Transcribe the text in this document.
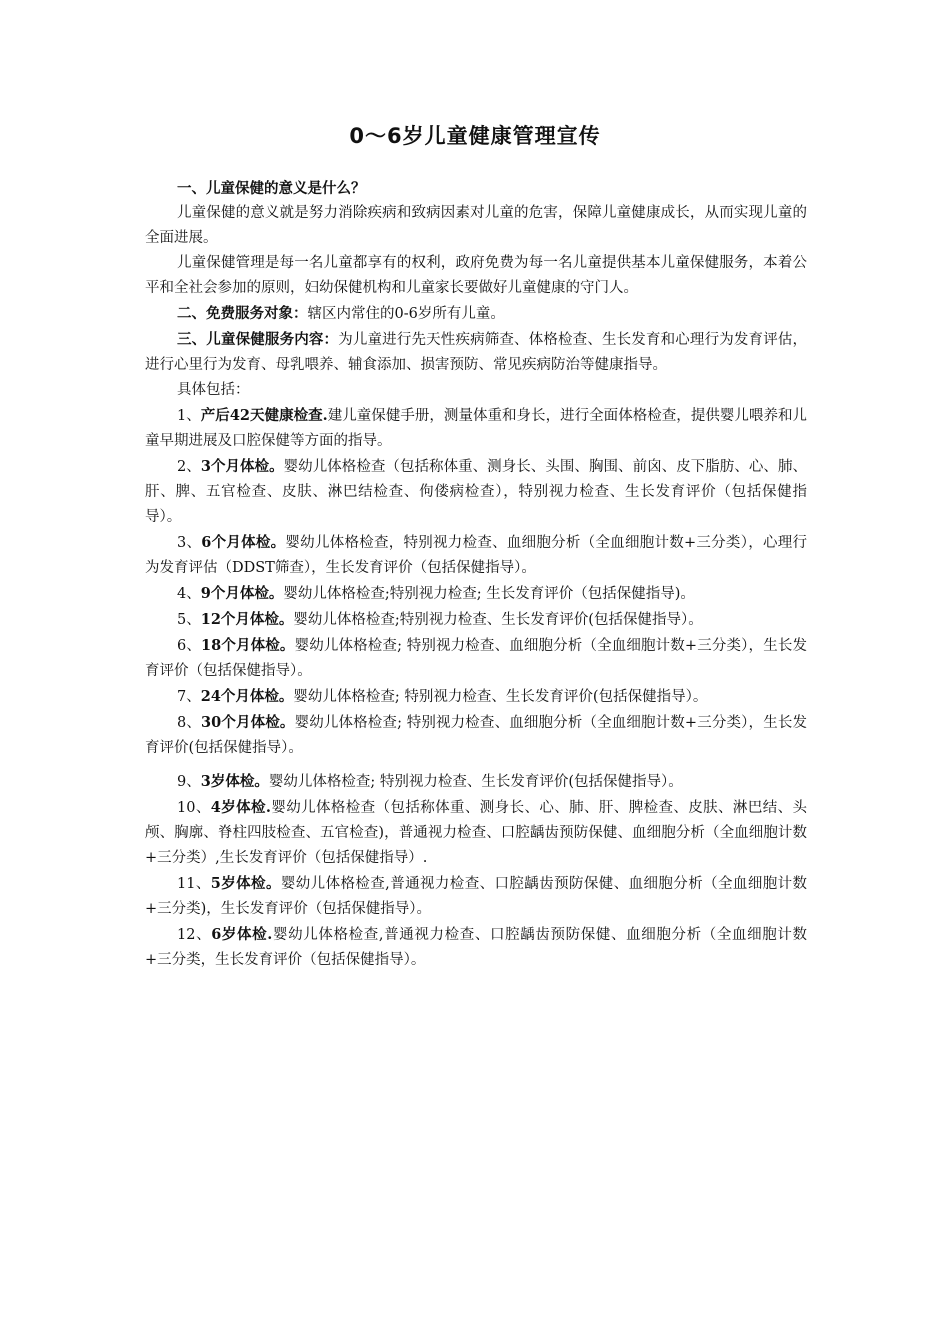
0～6岁儿童健康管理宣传

一、儿童保健的意义是什么？

儿童保健的意义就是努力消除疾病和致病因素对儿童的危害，保障儿童健康成长，从而实现儿童的全面进展。

儿童保健管理是每一名儿童都享有的权利，政府免费为每一名儿童提供基本儿童保健服务，本着公平和全社会参加的原则，妇幼保健机构和儿童家长要做好儿童健康的守门人。

二、免费服务对象：辖区内常住的0-6岁所有儿童。

三、儿童保健服务内容：为儿童进行先天性疾病筛查、体格检查、生长发育和心理行为发育评估，进行心里行为发育、母乳喂养、辅食添加、损害预防、常见疾病防治等健康指导。

具体包括：

1、产后42天健康检查.建儿童保健手册，测量体重和身长，进行全面体格检查，提供婴儿喂养和儿童早期进展及口腔保健等方面的指导。

2、3个月体检。婴幼儿体格检查（包括称体重、测身长、头围、胸围、前囟、皮下脂肪、心、肺、肝、脾、五官检查、皮肤、淋巴结检查、佝偻病检查），特别视力检查、生长发育评价（包括保健指导）。

3、6个月体检。婴幼儿体格检查，特别视力检查、血细胞分析（全血细胞计数+三分类），心理行为发育评估（DDST筛查），生长发育评价（包括保健指导）。

4、9个月体检。婴幼儿体格检查;特别视力检查; 生长发育评价（包括保健指导)。

5、12个月体检。婴幼儿体格检查;特别视力检查、生长发育评价(包括保健指导）。

6、18个月体检。婴幼儿体格检查; 特别视力检查、血细胞分析（全血细胞计数+三分类），生长发育评价（包括保健指导）。

7、24个月体检。婴幼儿体格检查; 特别视力检查、生长发育评价(包括保健指导）。

8、30个月体检。婴幼儿体格检查; 特别视力检查、血细胞分析（全血细胞计数+三分类），生长发育评价(包括保健指导）。

9、3岁体检。婴幼儿体格检查; 特别视力检查、生长发育评价(包括保健指导）。

10、4岁体检.婴幼儿体格检查（包括称体重、测身长、心、肺、肝、脾检查、皮肤、淋巴结、头颅、胸廓、脊柱四肢检查、五官检查)，普通视力检查、口腔龋齿预防保健、血细胞分析（全血细胞计数+三分类）,生长发育评价（包括保健指导）.

11、5岁体检。婴幼儿体格检查,普通视力检查、口腔龋齿预防保健、血细胞分析（全血细胞计数+三分类)，生长发育评价（包括保健指导）。

12、6岁体检.婴幼儿体格检查,普通视力检查、口腔龋齿预防保健、血细胞分析（全血细胞计数+三分类，生长发育评价（包括保健指导）。
